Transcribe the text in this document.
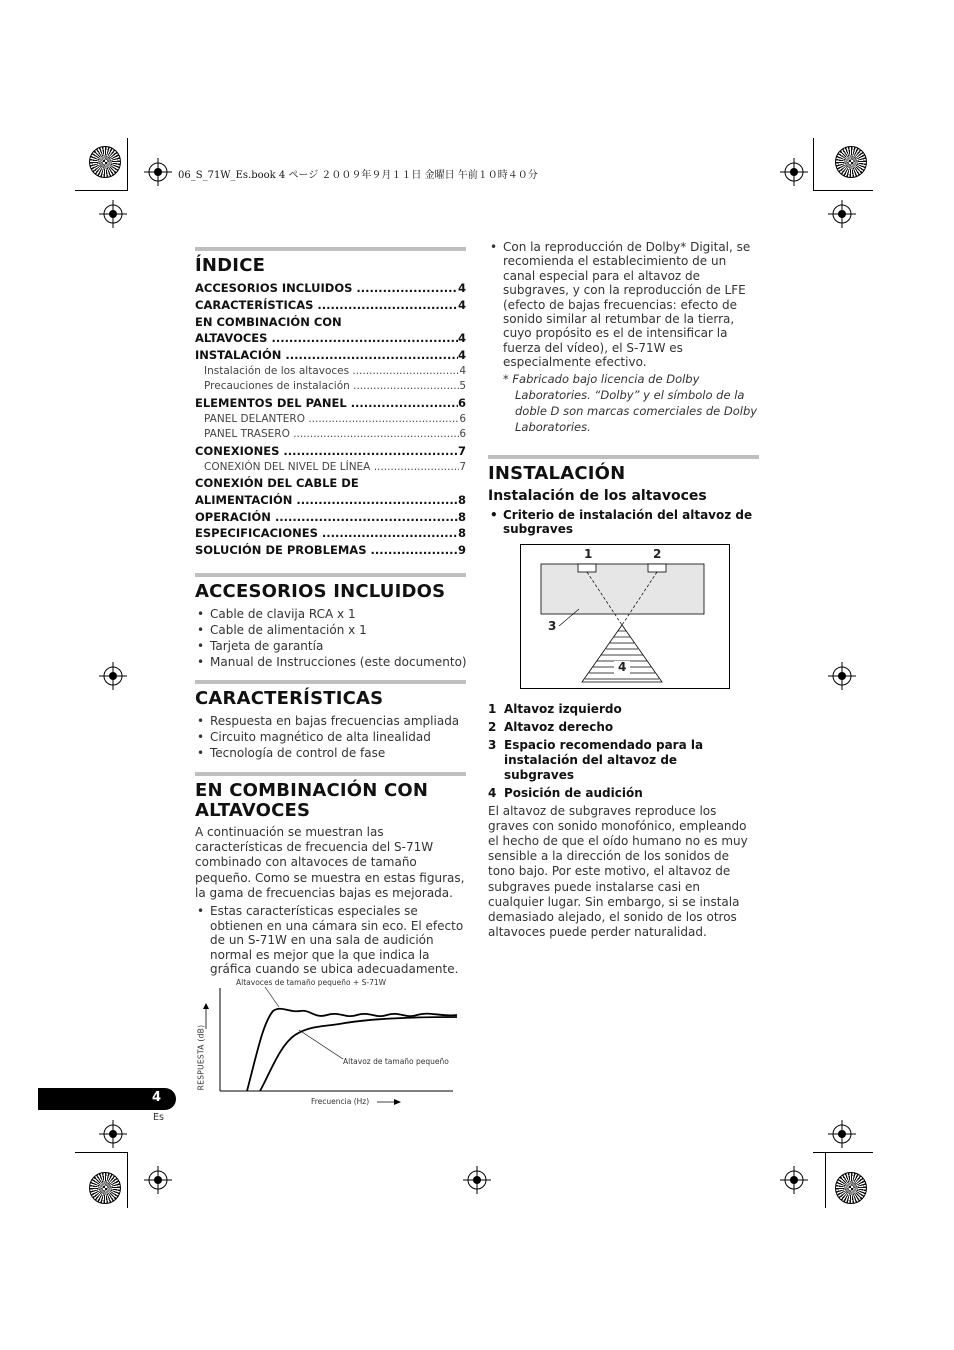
06_S_71W_Es.book 4 ページ ２００９年９月１１日 金曜日 午前１０時４０分
ÍNDICE
ACCESORIOS INCLUIDOS .....	4
CARACTERÍSTICAS .....	4
EN COMBINACIÓN CON
ALTAVOCES .....	4
INSTALACIÓN .....	4
Instalación de los altavoces .....	4
Precauciones de instalación .....	5
ELEMENTOS DEL PANEL .....	6
PANEL DELANTERO .....	6
PANEL TRASERO .....	6
CONEXIONES .....	7
CONEXIÓN DEL NIVEL DE LÍNEA .....	7
CONEXIÓN DEL CABLE DE
ALIMENTACIÓN .....	8
OPERACIÓN .....	8
ESPECIFICACIONES .....	8
SOLUCIÓN DE PROBLEMAS .....	9
ACCESORIOS INCLUIDOS
• Cable de clavija RCA x 1
• Cable de alimentación x 1
• Tarjeta de garantía
• Manual de Instrucciones (este documento)
CARACTERÍSTICAS
• Respuesta en bajas frecuencias ampliada
• Circuito magnético de alta linealidad
• Tecnología de control de fase
EN COMBINACIÓN CON
ALTAVOCES

A continuación se muestran las características de frecuencia del S-71W combinado con altavoces de tamaño pequeño. Como se muestra en estas figuras, la gama de frecuencias bajas es mejorada.

• Estas características especiales se obtienen en una cámara sin eco. El efecto de un S-71W en una sala de audición normal es mejor que la que indica la gráfica cuando se ubica adecuadamente.
Altavoces de tamaño pequeño + S-71W
Altavoz de tamaño pequeño
RESPUESTA (dB)
Frecuencia (Hz)
• Con la reproducción de Dolby* Digital, se recomienda el establecimiento de un canal especial para el altavoz de subgraves, y con la reproducción de LFE (efecto de bajas frecuencias: efecto de sonido similar al retumbar de la tierra, cuyo propósito es el de intensificar la fuerza del vídeo), el S-71W es especialmente efectivo.
* Fabricado bajo licencia de Dolby Laboratories. “Dolby” y el símbolo de la doble D son marcas comerciales de Dolby Laboratories.
INSTALACIÓN
Instalación de los altavoces
• Criterio de instalación del altavoz de subgraves
1	2
3
4
1 Altavoz izquierdo
2 Altavoz derecho
3 Espacio recomendado para la instalación del altavoz de subgraves
4 Posición de audición

El altavoz de subgraves reproduce los graves con sonido monofónico, empleando el hecho de que el oído humano no es muy sensible a la dirección de los sonidos de tono bajo. Por este motivo, el altavoz de subgraves puede instalarse casi en cualquier lugar. Sin embargo, si se instala demasiado alejado, el sonido de los otros altavoces puede perder naturalidad.

4
Es
